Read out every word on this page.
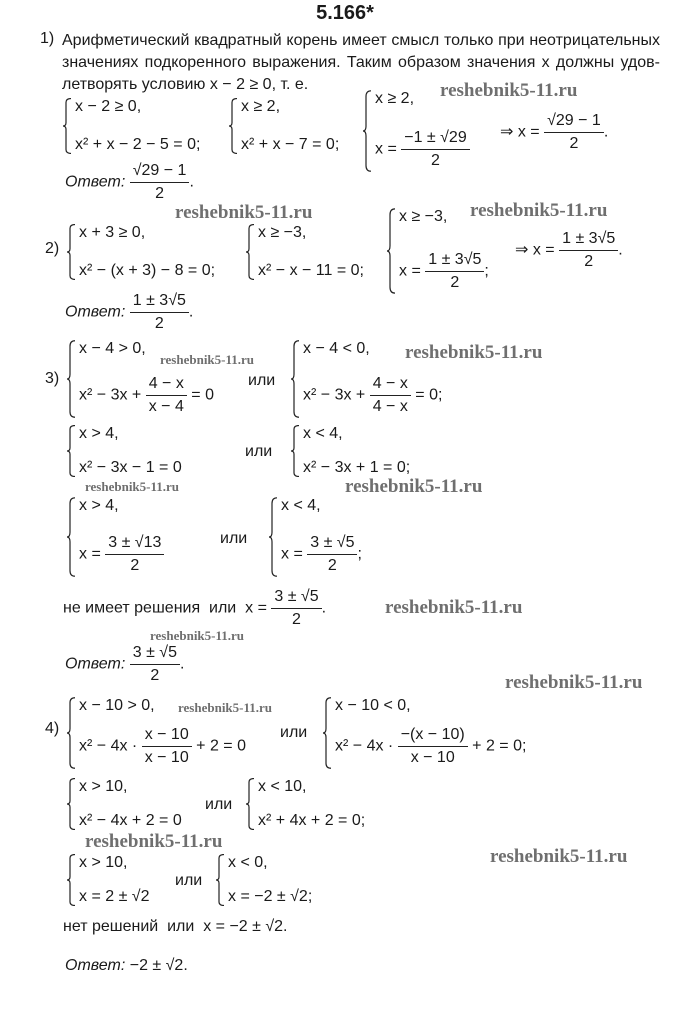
5.166*
1) Арифметический квадратный корень имеет смысл только при неотрицательных
значениях подкоренного выражения. Таким образом значения x должны удов-
летворять условию x − 2 ≥ 0, т. е.
x − 2 ≥ 0,
x² + x − 2 − 5 = 0;
x ≥ 2,
x² + x − 7 = 0;
x ≥ 2,
$x = \frac{-1 \pm √29}{2}$ ⇒ $x = \frac{√29 - 1}{2}$ .
Ответ: $\frac{√29 - 1}{2}$ .
2)
x + 3 ≥ 0,
x² − (x + 3) − 8 = 0;
x ≥ −3,
x² − x − 11 = 0;
x ≥ −3,
$x = \frac{1 \pm 3√5}{2}$ ;
⇒ $x = \frac{1 \pm 3√5}{2}$ .
Ответ: $\frac{1 \pm 3√5}{2}$ .
3)
x − 4 > 0,
$x^2 - 3x + \frac{4 - x}{x - 4} = 0$
или
x − 4 < 0,
$x^2 - 3x + \frac{4 - x}{4 - x} = 0$;
x > 4,
x² − 3x − 1 = 0
или
x < 4,
x² − 3x + 1 = 0;
x > 4,
$x = \frac{3 \pm √13}{2}$	или
x < 4,
$x = \frac{3 \pm √5}{2}$ ;
не имеет решения или $x = \frac{3 \pm √5}{2}$ .
Ответ: $\frac{3 \pm √5}{2}$ .
4)
x − 10 > 0,
$x^2 - 4x \cdot \frac{x - 10}{x - 10} + 2 = 0$
или
x − 10 < 0,
$x^2 - 4x \cdot \frac{-(x - 10)}{x - 10} + 2 = 0$;
x > 10,
x² − 4x + 2 = 0
или
x < 10,
x² + 4x + 2 = 0;
x > 10,
x = 2 ± √2
или
x < 0,
x = −2 ± √2;
нет решений или x = −2 ± √2.
Ответ: −2 ± √2.
reshebnik5-11.ru
reshebnik5-11.ru	reshebnik5-11.ru
reshebnik5-11.ru	reshebnik5-11.ru
reshebnik5-11.ru	reshebnik5-11.ru
reshebnik5-11.ru
reshebnik5-11.ru
reshebnik5-11.ru
reshebnik5-11.ru
reshebnik5-11.ru
reshebnik5-11.ru
